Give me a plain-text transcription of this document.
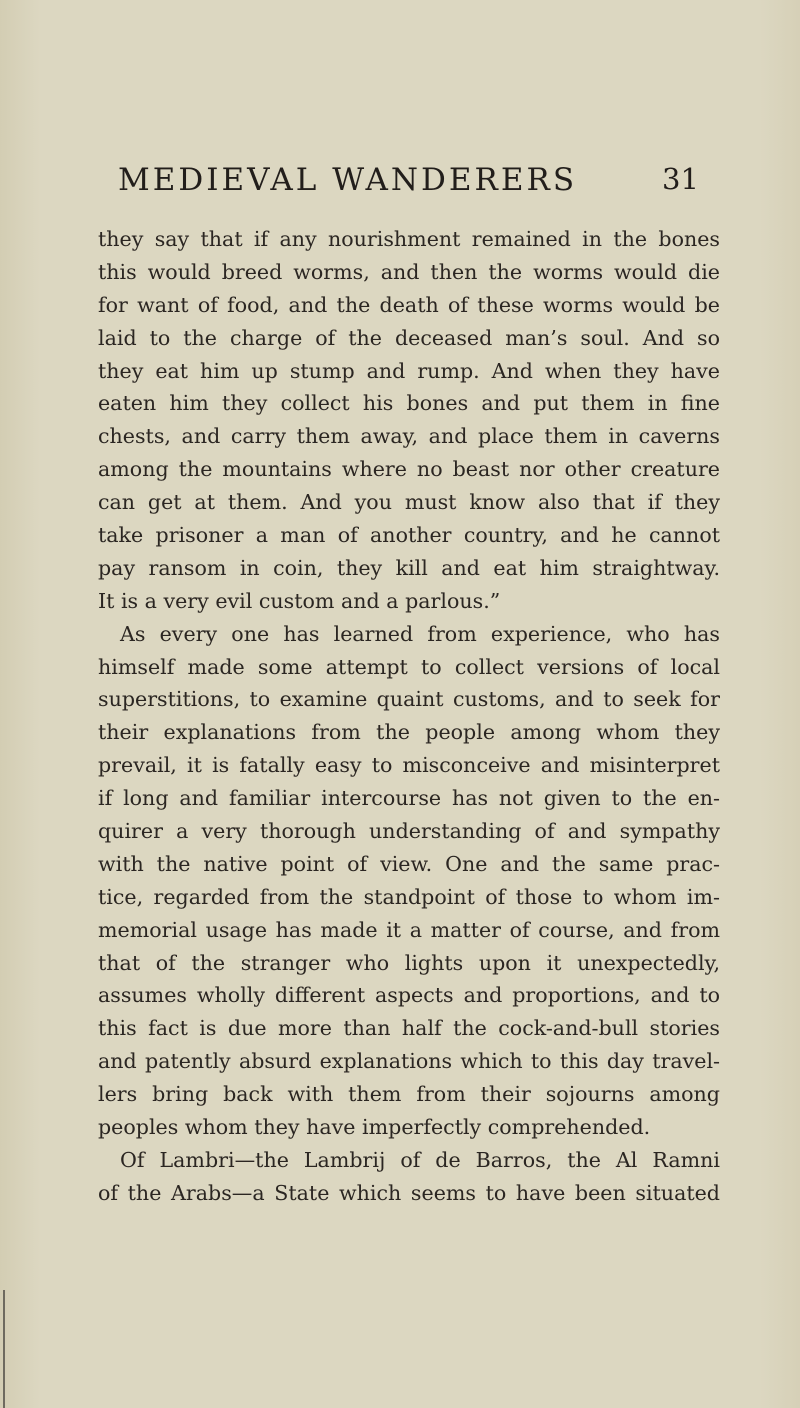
MEDIEVAL WANDERERS	31
they say that if any nourishment remained in the bones
this would breed worms, and then the worms would die
for want of food, and the death of these worms would be
laid to the charge of the deceased man’s soul. And so
they eat him up stump and rump. And when they have
eaten him they collect his bones and put them in fine
chests, and carry them away, and place them in caverns
among the mountains where no beast nor other creature
can get at them. And you must know also that if they
take prisoner a man of another country, and he cannot
pay ransom in coin, they kill and eat him straightway.
It is a very evil custom and a parlous.”
As every one has learned from experience, who has
himself made some attempt to collect versions of local
superstitions, to examine quaint customs, and to seek for
their explanations from the people among whom they
prevail, it is fatally easy to misconceive and misinterpret
if long and familiar intercourse has not given to the en-
quirer a very thorough understanding of and sympathy
with the native point of view. One and the same prac-
tice, regarded from the standpoint of those to whom im-
memorial usage has made it a matter of course, and from
that of the stranger who lights upon it unexpectedly,
assumes wholly different aspects and proportions, and to
this fact is due more than half the cock-and-bull stories
and patently absurd explanations which to this day travel-
lers bring back with them from their sojourns among
peoples whom they have imperfectly comprehended.
Of Lambri—the Lambrij of de Barros, the Al Ramni
of the Arabs—a State which seems to have been situated
